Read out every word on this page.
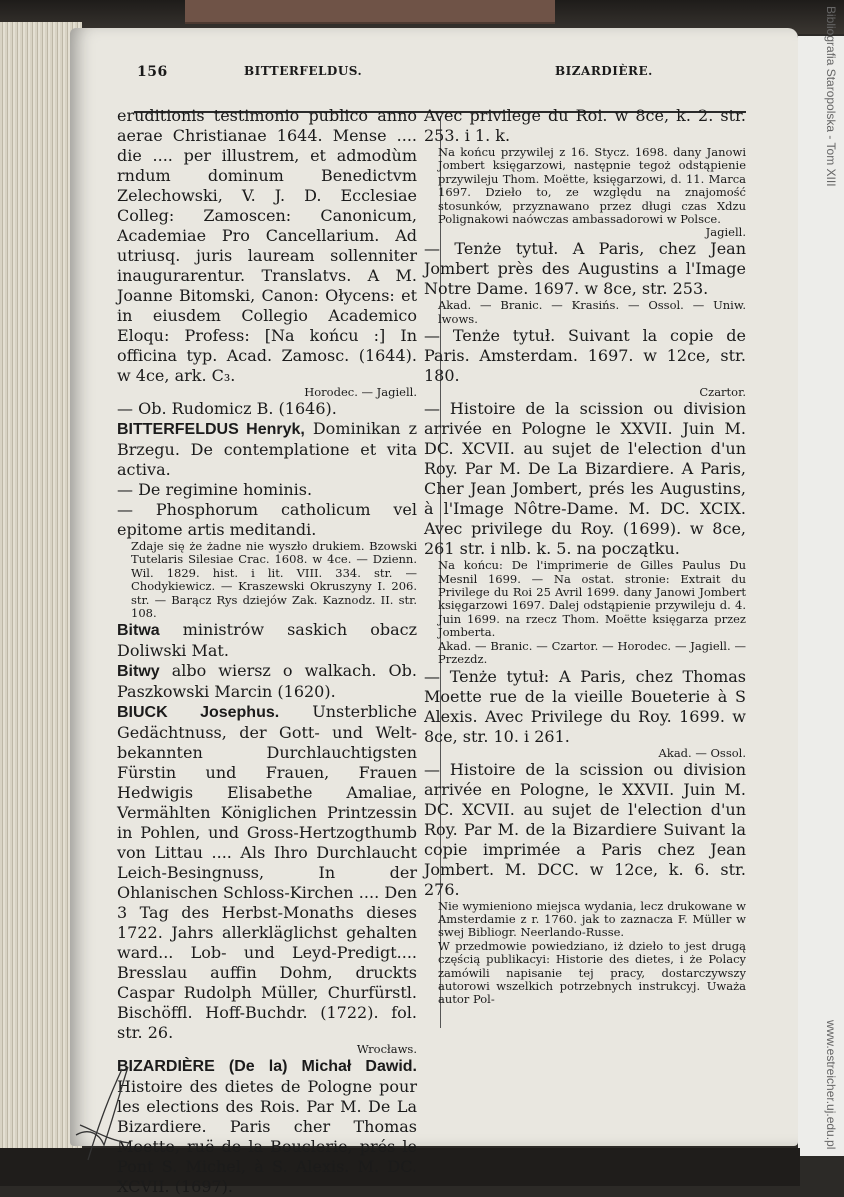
Bibliografia Staropolska - Tom XIII
www.estreicher.uj.edu.pl
156	BITTERFELDUS.	BIZARDIÈRE.
eruditionis testimonio publico anno aerae Christianae 1644. Mense .... die .... per illustrem, et admodùm rndum dominum Benedictvm Zelechowski, V. J. D. Ecclesiae Colleg: Zamoscen: Canonicum, Academiae Pro Cancellarium. Ad utriusq. juris lauream sollenniter inaugurarentur. Translatvs. A M. Joanne Bitomski, Canon: Ołycens: et in eiusdem Collegio Academico Eloqu: Profess: [Na końcu :] In officina typ. Acad. Zamosc. (1644). w 4ce, ark. C₃.
Horodec. — Jagiell.
— Ob. Rudomicz B. (1646).
BITTERFELDUS Henryk, Dominikan z Brzegu. De contemplatione et vita activa.
— De regimine hominis.
— Phosphorum catholicum vel epitome artis meditandi.
Zdaje się że żadne nie wyszło drukiem. Bzowski Tutelaris Silesiae Crac. 1608. w 4ce. — Dzienn. Wil. 1829. hist. i lit. VIII. 334. str. — Chodykiewicz. — Kraszewski Okruszyny I. 206. str. — Barącz Rys dziejów Zak. Kaznodz. II. str. 108.
Bitwa ministrów saskich obacz Doliwski Mat.
Bitwy albo wiersz o walkach. Ob. Paszkowski Marcin (1620).
BIUCK Josephus. Unsterbliche Gedächtnuss, der Gott- und Welt-bekannten Durchlauchtigsten Fürstin und Frauen, Frauen Hedwigis Elisabethe Amaliae, Vermählten Königlichen Printzessin in Pohlen, und Gross-Hertzogthumb von Littau .... Als Ihro Durchlaucht Leich-Besingnuss, In der Ohlanischen Schloss-Kirchen .... Den 3 Tag des Herbst-Monaths dieses 1722. Jahrs allerkläglichst gehalten ward... Lob- und Leyd-Predigt.... Bresslau auffin Dohm, druckts Caspar Rudolph Müller, Churfürstl. Bischöffl. Hoff-Buchdr. (1722). fol. str. 26.
Wrocławs.
BIZARDIÈRE (De la) Michał Dawid. Histoire des dietes de Pologne pour les elections des Rois. Par M. De La Bizardiere. Paris cher Thomas Moette, ruë de la Bouclerie, prés le Pont S. Michel, à S. Alexis. M. DC. XCVII. (1697).
Avec privilege du Roi. w 8ce, k. 2. str. 253. i 1. k.
Na końcu przywilej z 16. Stycz. 1698. dany Janowi Jombert księgarzowi, następnie tegoż odstąpienie przywileju Thom. Moëtte, księgarzowi, d. 11. Marca 1697. Dzieło to, ze względu na znajomość stosunków, przyznawano przez długi czas Xdzu Polignakowi naówczas ambassadorowi w Polsce.
Jagiell.
— Tenże tytuł. A Paris, chez Jean Jombert près des Augustins a l'Image Notre Dame. 1697. w 8ce, str. 253.
Akad. — Branic. — Krasińs. — Ossol. — Uniw. lwows.
— Tenże tytuł. Suivant la copie de Paris. Amsterdam. 1697. w 12ce, str. 180.
Czartor.
— Histoire de la scission ou division arrivée en Pologne le XXVII. Juin M. DC. XCVII. au sujet de l'election d'un Roy. Par M. De La Bizardiere. A Paris, Cher Jean Jombert, prés les Augustins, à l'Image Nôtre-Dame. M. DC. XCIX. Avec privilege du Roy. (1699). w 8ce, 261 str. i nlb. k. 5. na początku.
Na końcu: De l'imprimerie de Gilles Paulus Du Mesnil 1699. — Na ostat. stronie: Extrait du Privilege du Roi 25 Avril 1699. dany Janowi Jombert księgarzowi 1697. Dalej odstąpienie przywileju d. 4. Juin 1699. na rzecz Thom. Moëtte księgarza przez Jomberta.
Akad. — Branic. — Czartor. — Horodec. — Jagiell. — Przezdz.
— Tenże tytuł: A Paris, chez Thomas Moette rue de la vieille Boueterie à S Alexis. Avec Privilege du Roy. 1699. w 8ce, str. 10. i 261.
Akad. — Ossol.
— Histoire de la scission ou division arrivée en Pologne, le XXVII. Juin M. DC. XCVII. au sujet de l'election d'un Roy. Par M. de la Bizardiere Suivant la copie imprimée a Paris chez Jean Jombert. M. DCC. w 12ce, k. 6. str. 276.
Nie wymieniono miejsca wydania, lecz drukowane w Amsterdamie z r. 1760. jak to zaznacza F. Müller w swej Bibliogr. Neerlando-Russe.
W przedmowie powiedziano, iż dzieło to jest drugą częścią publikacyi: Historie des dietes, i że Polacy zamówili napisanie tej pracy, dostarczywszy autorowi wszelkich potrzebnych instrukcyj. Uważa autor Pol-
